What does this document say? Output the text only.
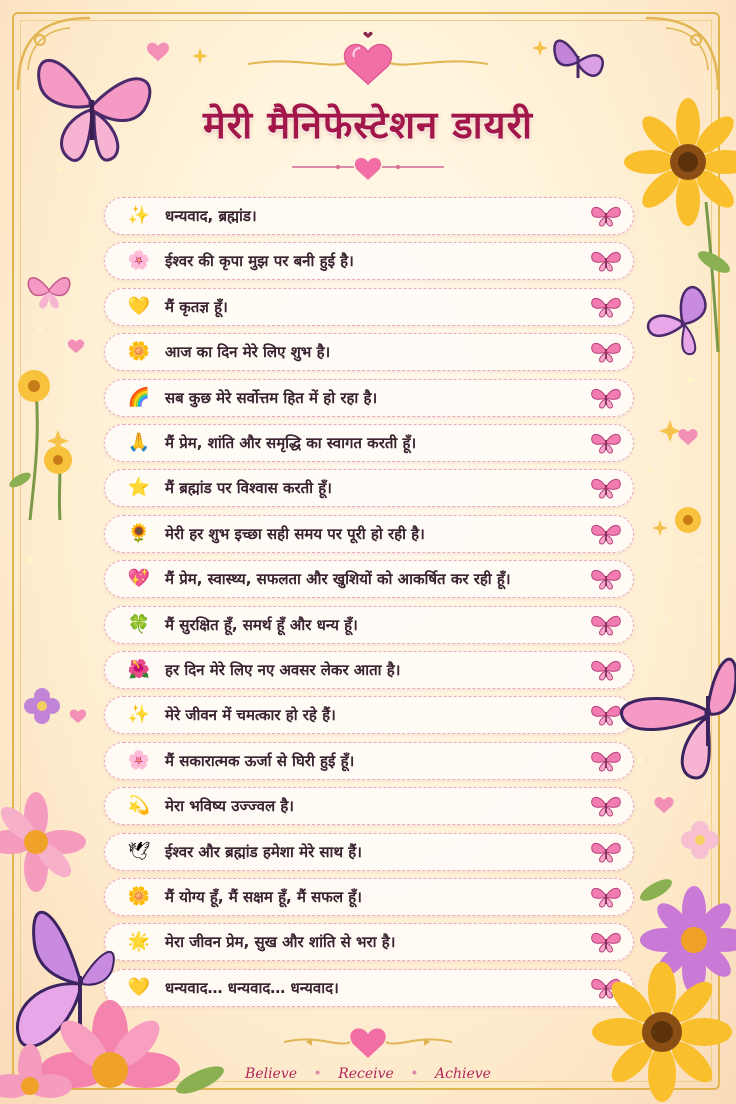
मेरी मैनिफेस्टेशन डायरी
✨ धन्यवाद, ब्रह्मांड।
🌸 ईश्वर की कृपा मुझ पर बनी हुई है।
💛 मैं कृतज्ञ हूँ।
🌼 आज का दिन मेरे लिए शुभ है।
🌈 सब कुछ मेरे सर्वोत्तम हित में हो रहा है।
🙏 मैं प्रेम, शांति और समृद्धि का स्वागत करती हूँ।
⭐ मैं ब्रह्मांड पर विश्वास करती हूँ।
🌻 मेरी हर शुभ इच्छा सही समय पर पूरी हो रही है।
💖 मैं प्रेम, स्वास्थ्य, सफलता और खुशियों को आकर्षित कर रही हूँ।
🍀 मैं सुरक्षित हूँ, समर्थ हूँ और धन्य हूँ।
🌺 हर दिन मेरे लिए नए अवसर लेकर आता है।
✨ मेरे जीवन में चमत्कार हो रहे हैं।
🌸 मैं सकारात्मक ऊर्जा से घिरी हुई हूँ।
💫 मेरा भविष्य उज्ज्वल है।
🕊 ईश्वर और ब्रह्मांड हमेशा मेरे साथ हैं।
🌼 मैं योग्य हूँ, मैं सक्षम हूँ, मैं सफल हूँ।
🌟 मेरा जीवन प्रेम, सुख और शांति से भरा है।
💛 धन्यवाद… धन्यवाद… धन्यवाद।
Believe • Receive • Achieve
